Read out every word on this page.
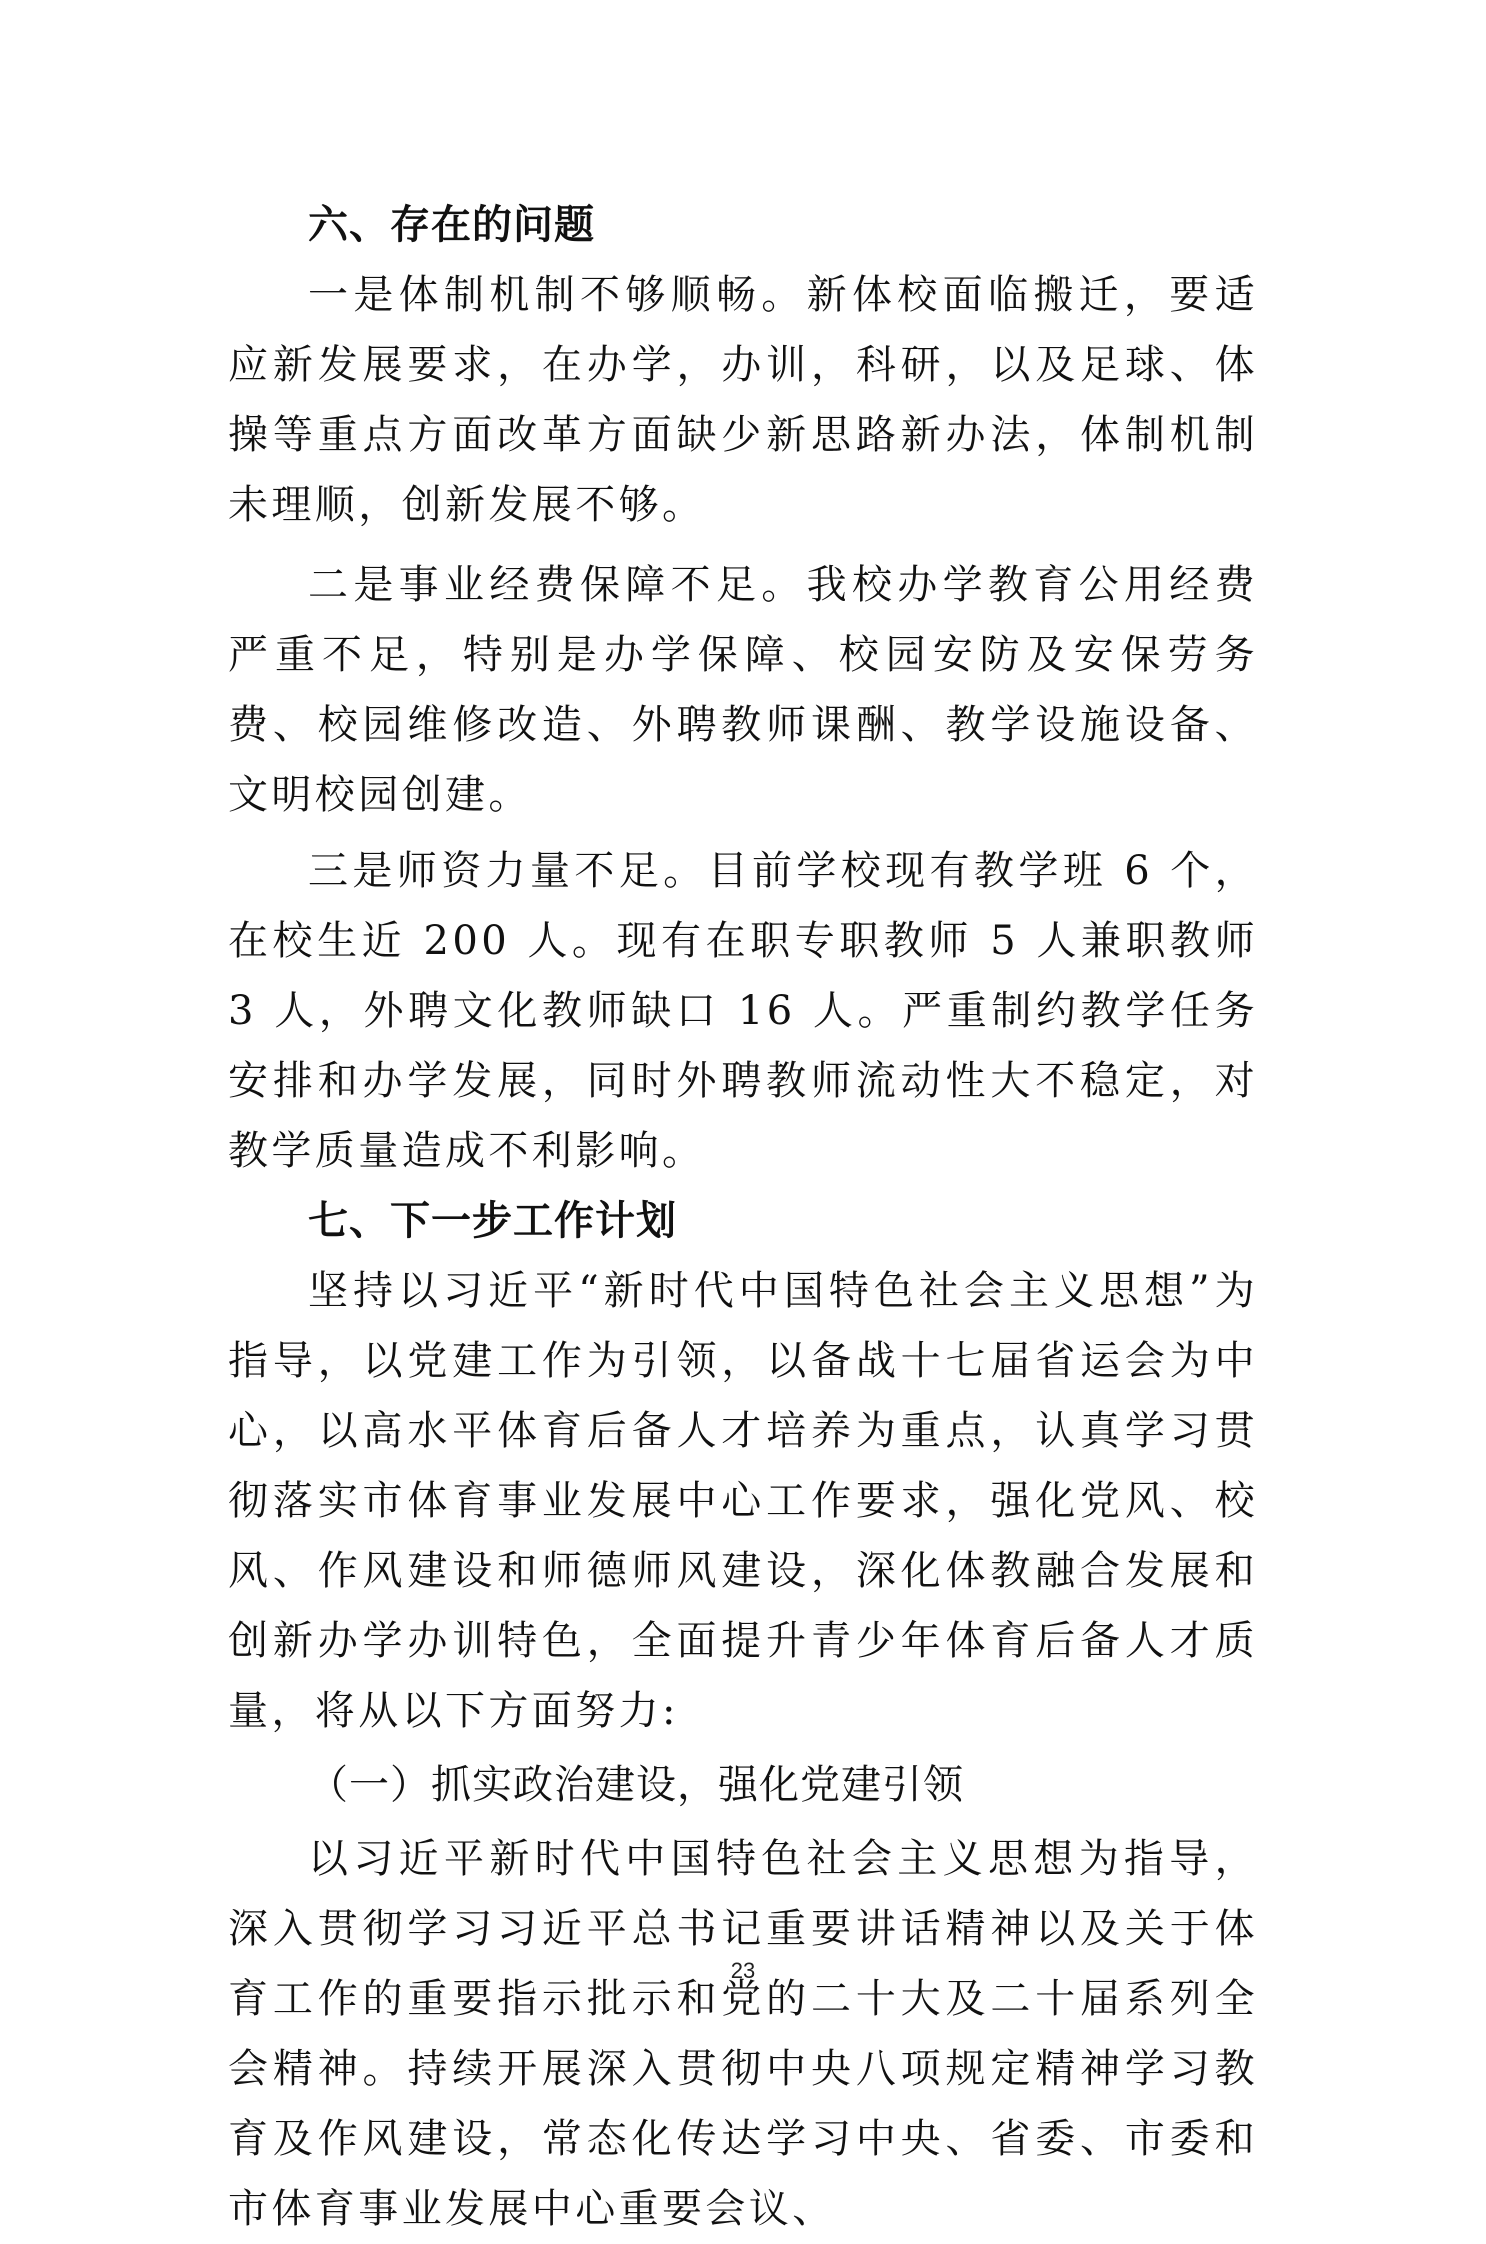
六、存在的问题

一是体制机制不够顺畅。新体校面临搬迁，要适应新发展要求，在办学，办训，科研，以及足球、体操等重点方面改革方面缺少新思路新办法，体制机制未理顺，创新发展不够。

二是事业经费保障不足。我校办学教育公用经费严重不足，特别是办学保障、校园安防及安保劳务费、校园维修改造、外聘教师课酬、教学设施设备、文明校园创建。

三是师资力量不足。目前学校现有教学班 6 个，在校生近 200 人。现有在职专职教师 5 人兼职教师 3 人，外聘文化教师缺口 16 人。严重制约教学任务安排和办学发展，同时外聘教师流动性大不稳定，对教学质量造成不利影响。

七、下一步工作计划

坚持以习近平“新时代中国特色社会主义思想”为指导，以党建工作为引领，以备战十七届省运会为中心，以高水平体育后备人才培养为重点，认真学习贯彻落实市体育事业发展中心工作要求，强化党风、校风、作风建设和师德师风建设，深化体教融合发展和创新办学办训特色，全面提升青少年体育后备人才质量，将从以下方面努力:

（一）抓实政治建设，强化党建引领

以习近平新时代中国特色社会主义思想为指导，深入贯彻学习习近平总书记重要讲话精神以及关于体育工作的重要指示批示和党的二十大及二十届系列全会精神。持续开展深入贯彻中央八项规定精神学习教育及作风建设，常态化传达学习中央、省委、市委和市体育事业发展中心重要会议、

23
